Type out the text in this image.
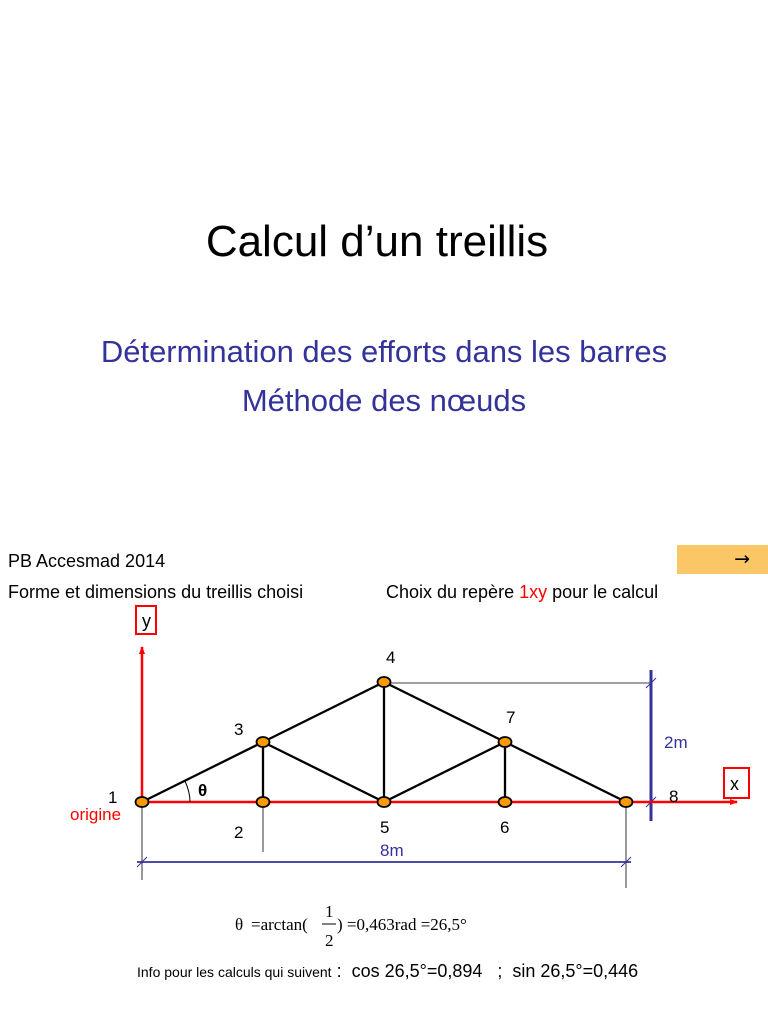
Calcul d’un treillis
Détermination des efforts dans les barres
Méthode des nœuds
PB Accesmad 2014	→
Forme et dimensions du treillis choisi	Choix du repère 1xy pour le calcul
2m
8m
y
x
θ
1
2
3
4
5	6
7
8
origine
θ =arctan(
1
2
) =0,463rad =26,5°
Info pour les calculs qui suivent :  cos 26,5°=0,894   ;  sin 26,5°=0,446
